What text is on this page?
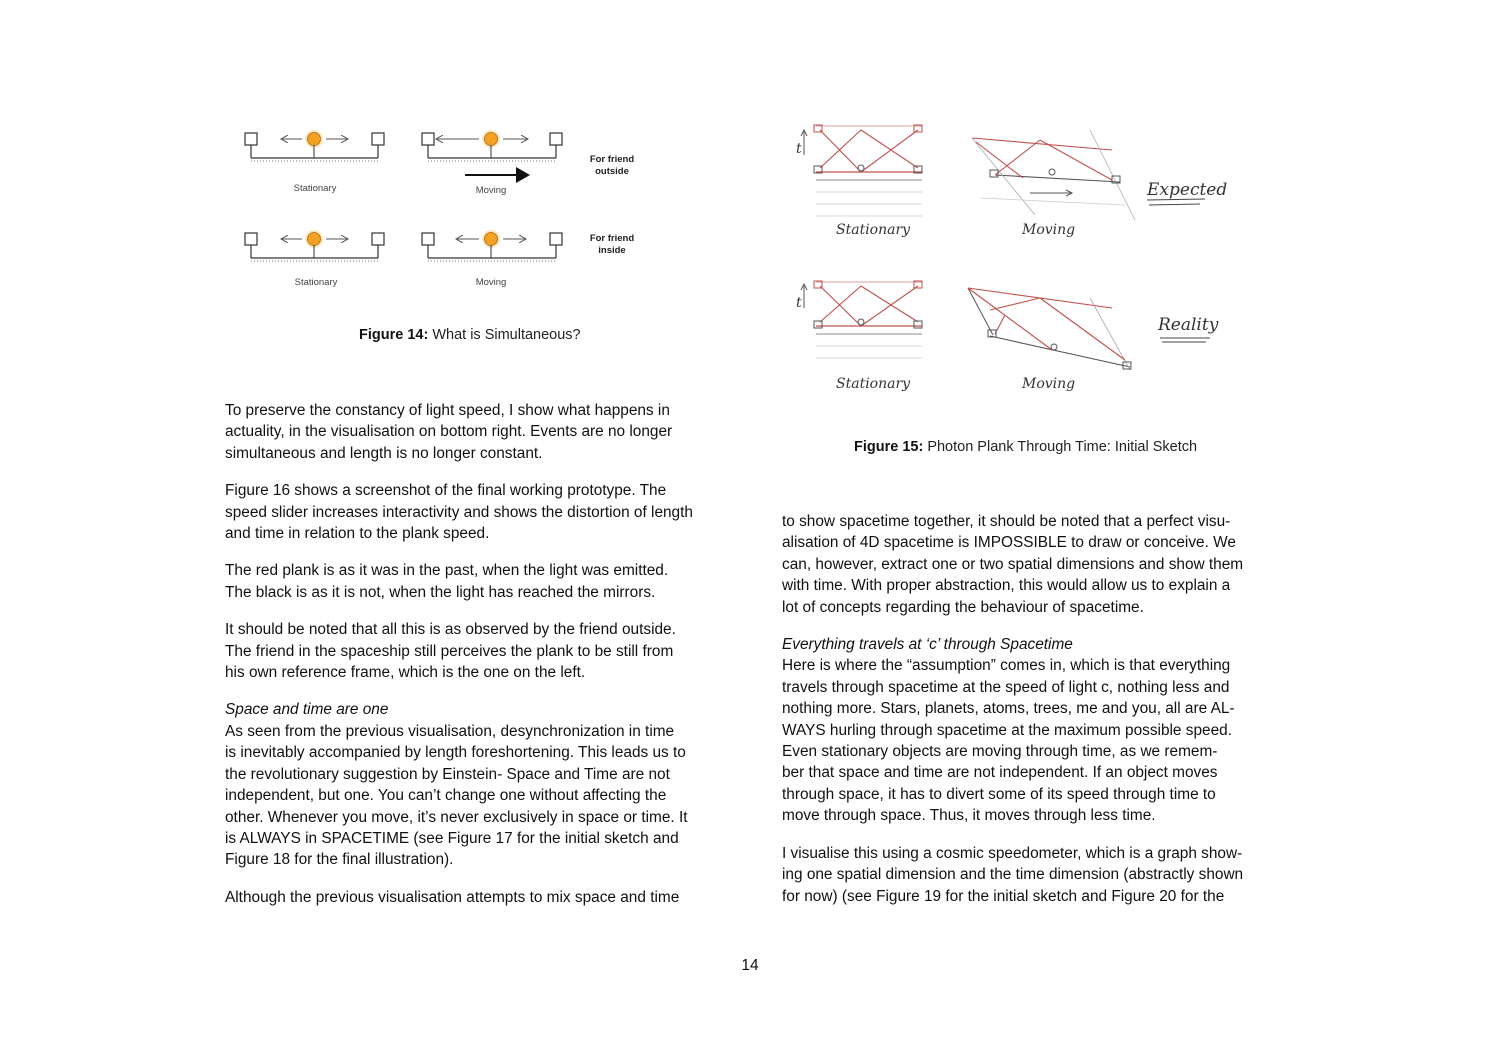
Stationary	Moving
For friend
outside
Stationary	Moving
For friend
inside
Figure 14: What is Simultaneous?
t
Stationary	Moving
Expected
t
Stationary	Moving
Reality
Figure 15: Photon Plank Through Time: Initial Sketch

To preserve the constancy of light speed, I show what happens in

actuality, in the visualisation on bottom right. Events are no longer

simultaneous and length is no longer constant.

Figure 16 shows a screenshot of the final working prototype. The

speed slider increases interactivity and shows the distortion of length

and time in relation to the plank speed.

The red plank is as it was in the past, when the light was emitted.

The black is as it is not, when the light has reached the mirrors.

It should be noted that all this is as observed by the friend outside.

The friend in the spaceship still perceives the plank to be still from

his own reference frame, which is the one on the left.

Space and time are one

As seen from the previous visualisation, desynchronization in time

is inevitably accompanied by length foreshortening. This leads us to

the revolutionary suggestion by Einstein- Space and Time are not

independent, but one. You can’t change one without affecting the

other. Whenever you move, it’s never exclusively in space or time. It

is ALWAYS in SPACETIME (see Figure 17 for the initial sketch and

Figure 18 for the final illustration).

Although the previous visualisation attempts to mix space and time

to show spacetime together, it should be noted that a perfect visu-

alisation of 4D spacetime is IMPOSSIBLE to draw or conceive. We

can, however, extract one or two spatial dimensions and show them

with time. With proper abstraction, this would allow us to explain a

lot of concepts regarding the behaviour of spacetime.

Everything travels at ‘c’ through Spacetime

Here is where the “assumption” comes in, which is that everything

travels through spacetime at the speed of light c, nothing less and

nothing more. Stars, planets, atoms, trees, me and you, all are AL-

WAYS hurling through spacetime at the maximum possible speed.

Even stationary objects are moving through time, as we remem-

ber that space and time are not independent. If an object moves

through space, it has to divert some of its speed through time to

move through space. Thus, it moves through less time.

I visualise this using a cosmic speedometer, which is a graph show-

ing one spatial dimension and the time dimension (abstractly shown

for now) (see Figure 19 for the initial sketch and Figure 20 for the

14
